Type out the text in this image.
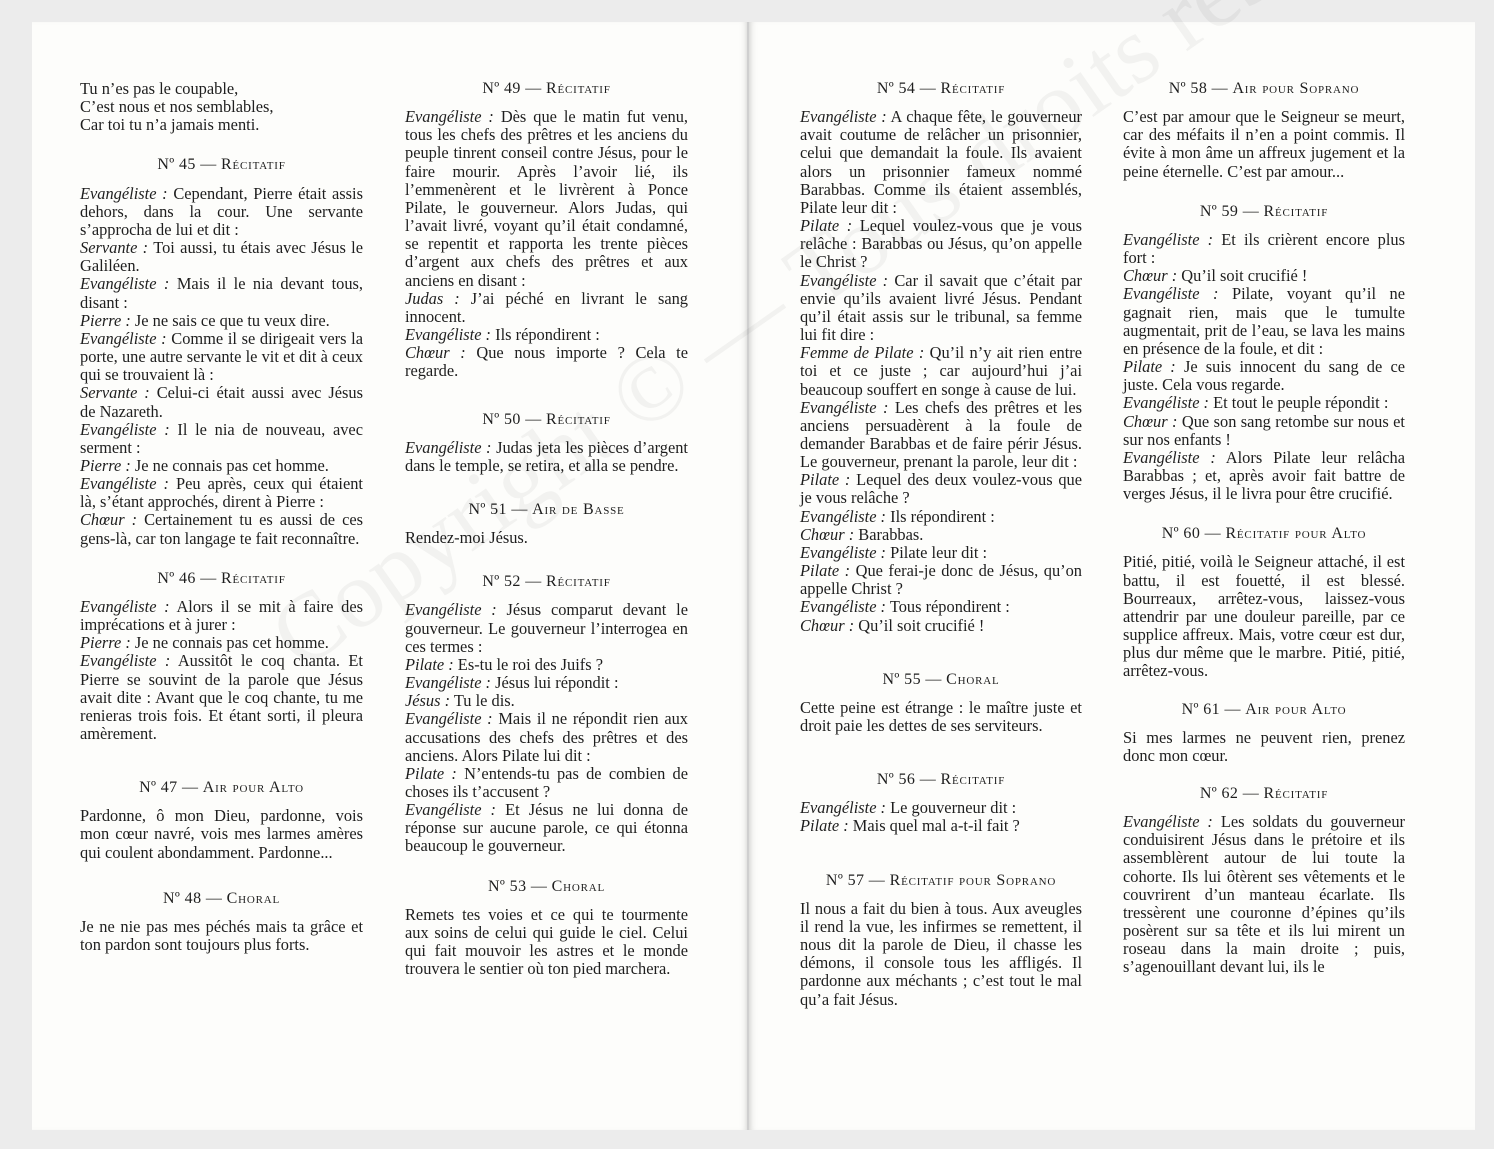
Tu n’es pas le coupable,
C’est nous et nos semblables,
Car toi tu n’a jamais menti.
Nº 45 — Récitatif

Evangéliste : Cependant, Pierre était assis dehors, dans la cour. Une servante s’approcha de lui et dit :
Servante : Toi aussi, tu étais avec Jésus le Galiléen.
Evangéliste : Mais il le nia devant tous, disant :
Pierre : Je ne sais ce que tu veux dire.
Evangéliste : Comme il se dirigeait vers la porte, une autre servante le vit et dit à ceux qui se trouvaient là :
Servante : Celui-ci était aussi avec Jésus de Nazareth.
Evangéliste : Il le nia de nouveau, avec serment :
Pierre : Je ne connais pas cet homme.
Evangéliste : Peu après, ceux qui étaient là, s’étant approchés, dirent à Pierre :
Chœur : Certainement tu es aussi de ces gens-là, car ton langage te fait reconnaître.

Nº 46 — Récitatif

Evangéliste : Alors il se mit à faire des imprécations et à jurer :
Pierre : Je ne connais pas cet homme.
Evangéliste : Aussitôt le coq chanta. Et Pierre se souvint de la parole que Jésus avait dite : Avant que le coq chante, tu me renieras trois fois. Et étant sorti, il pleura amèrement.

Nº 47 — Air pour Alto

Pardonne, ô mon Dieu, pardonne, vois mon cœur navré, vois mes larmes amères qui coulent abondamment. Pardonne...

Nº 48 — Choral

Je ne nie pas mes péchés mais ta grâce et ton pardon sont toujours plus forts.

Nº 49 — Récitatif

Evangéliste : Dès que le matin fut venu, tous les chefs des prêtres et les anciens du peuple tinrent conseil contre Jésus, pour le faire mourir. Après l’avoir lié, ils l’emmenèrent et le livrèrent à Ponce Pilate, le gouverneur. Alors Judas, qui l’avait livré, voyant qu’il était condamné, se repentit et rapporta les trente pièces d’argent aux chefs des prêtres et aux anciens en disant :
Judas : J’ai péché en livrant le sang innocent.
Evangéliste : Ils répondirent :
Chœur : Que nous importe ? Cela te regarde.

Nº 50 — Récitatif

Evangéliste : Judas jeta les pièces d’argent dans le temple, se retira, et alla se pendre.

Nº 51 — Air de Basse

Rendez-moi Jésus.

Nº 52 — Récitatif

Evangéliste : Jésus comparut devant le gouverneur. Le gouverneur l’interrogea en ces termes :
Pilate : Es-tu le roi des Juifs ?
Evangéliste : Jésus lui répondit :
Jésus : Tu le dis.
Evangéliste : Mais il ne répondit rien aux accusations des chefs des prêtres et des anciens. Alors Pilate lui dit :
Pilate : N’entends-tu pas de combien de choses ils t’accusent ?
Evangéliste : Et Jésus ne lui donna de réponse sur aucune parole, ce qui étonna beaucoup le gouverneur.

Nº 53 — Choral

Remets tes voies et ce qui te tourmente aux soins de celui qui guide le ciel. Celui qui fait mouvoir les astres et le monde trouvera le sentier où ton pied marchera.

Nº 54 — Récitatif

Evangéliste : A chaque fête, le gouverneur avait coutume de relâcher un prisonnier, celui que demandait la foule. Ils avaient alors un prisonnier fameux nommé Barabbas. Comme ils étaient assemblés, Pilate leur dit :
Pilate : Lequel voulez-vous que je vous relâche : Barabbas ou Jésus, qu’on appelle le Christ ?
Evangéliste : Car il savait que c’était par envie qu’ils avaient livré Jésus. Pendant qu’il était assis sur le tribunal, sa femme lui fit dire :
Femme de Pilate : Qu’il n’y ait rien entre toi et ce juste ; car aujourd’hui j’ai beaucoup souffert en songe à cause de lui.
Evangéliste : Les chefs des prêtres et les anciens persuadèrent à la foule de demander Barabbas et de faire périr Jésus. Le gouverneur, prenant la parole, leur dit :
Pilate : Lequel des deux voulez-vous que je vous relâche ?
Evangéliste : Ils répondirent :
Chœur : Barabbas.
Evangéliste : Pilate leur dit :
Pilate : Que ferai-je donc de Jésus, qu’on appelle Christ ?
Evangéliste : Tous répondirent :
Chœur : Qu’il soit crucifié !

Nº 55 — Choral

Cette peine est étrange : le maître juste et droit paie les dettes de ses serviteurs.

Nº 56 — Récitatif

Evangéliste : Le gouverneur dit :
Pilate : Mais quel mal a-t-il fait ?

Nº 57 — Récitatif pour Soprano

Il nous a fait du bien à tous. Aux aveugles il rend la vue, les infirmes se remettent, il nous dit la parole de Dieu, il chasse les démons, il console tous les affligés. Il pardonne aux méchants ; c’est tout le mal qu’a fait Jésus.

Nº 58 — Air pour Soprano

C’est par amour que le Seigneur se meurt, car des méfaits il n’en a point commis. Il évite à mon âme un affreux jugement et la peine éternelle. C’est par amour...

Nº 59 — Récitatif

Evangéliste : Et ils crièrent encore plus fort :
Chœur : Qu’il soit crucifié !
Evangéliste : Pilate, voyant qu’il ne gagnait rien, mais que le tumulte augmentait, prit de l’eau, se lava les mains en présence de la foule, et dit :
Pilate : Je suis innocent du sang de ce juste. Cela vous regarde.
Evangéliste : Et tout le peuple répondit :
Chœur : Que son sang retombe sur nous et sur nos enfants !
Evangéliste : Alors Pilate leur relâcha Barabbas ; et, après avoir fait battre de verges Jésus, il le livra pour être crucifié.

Nº 60 — Récitatif pour Alto

Pitié, pitié, voilà le Seigneur attaché, il est battu, il est fouetté, il est blessé. Bourreaux, arrêtez-vous, laissez-vous attendrir par une douleur pareille, par ce supplice affreux. Mais, votre cœur est dur, plus dur même que le marbre. Pitié, pitié, arrêtez-vous.

Nº 61 — Air pour Alto

Si mes larmes ne peuvent rien, prenez donc mon cœur.

Nº 62 — Récitatif

Evangéliste : Les soldats du gouverneur conduisirent Jésus dans le prétoire et ils assemblèrent autour de lui toute la cohorte. Ils lui ôtèrent ses vêtements et le couvrirent d’un manteau écarlate. Ils tressèrent une couronne d’épines qu’ils posèrent sur sa tête et ils lui mirent un roseau dans la main droite ; puis, s’agenouillant devant lui, ils le
